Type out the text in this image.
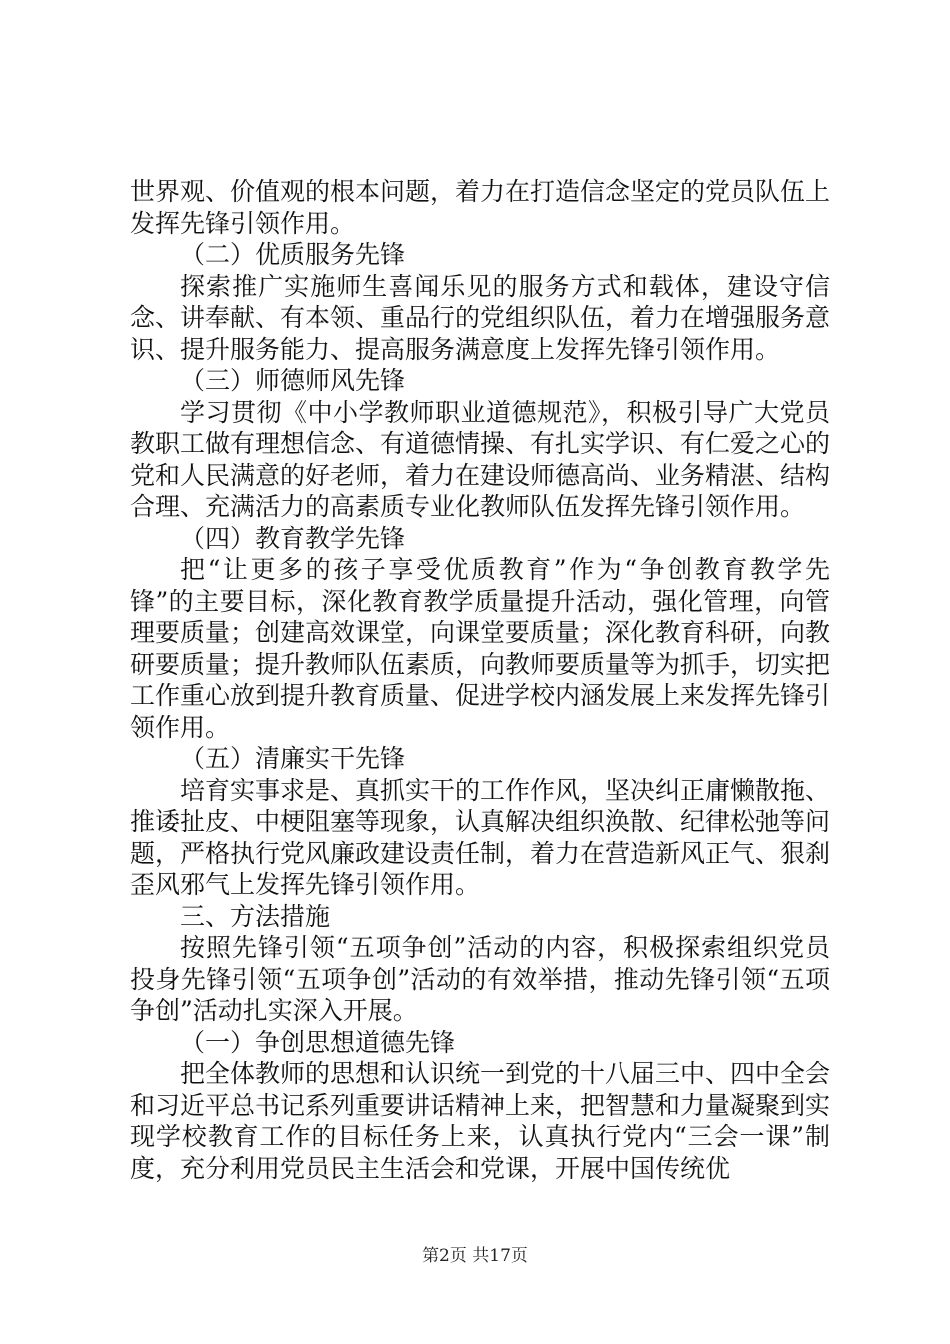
世界观、价值观的根本问题，着力在打造信念坚定的党员队伍上发挥先锋引领作用。

（二）优质服务先锋

探索推广实施师生喜闻乐见的服务方式和载体，建设守信念、讲奉献、有本领、重品行的党组织队伍，着力在增强服务意识、提升服务能力、提高服务满意度上发挥先锋引领作用。

（三）师德师风先锋

学习贯彻《中小学教师职业道德规范》，积极引导广大党员教职工做有理想信念、有道德情操、有扎实学识、有仁爱之心的党和人民满意的好老师，着力在建设师德高尚、业务精湛、结构合理、充满活力的高素质专业化教师队伍发挥先锋引领作用。

（四）教育教学先锋

把“让更多的孩子享受优质教育”作为“争创教育教学先锋”的主要目标，深化教育教学质量提升活动，强化管理，向管理要质量；创建高效课堂，向课堂要质量；深化教育科研，向教研要质量；提升教师队伍素质，向教师要质量等为抓手，切实把工作重心放到提升教育质量、促进学校内涵发展上来发挥先锋引领作用。

（五）清廉实干先锋

培育实事求是、真抓实干的工作作风，坚决纠正庸懒散拖、推诿扯皮、中梗阻塞等现象，认真解决组织涣散、纪律松弛等问题，严格执行党风廉政建设责任制，着力在营造新风正气、狠刹歪风邪气上发挥先锋引领作用。

三、方法措施

按照先锋引领“五项争创”活动的内容，积极探索组织党员投身先锋引领“五项争创”活动的有效举措，推动先锋引领“五项争创”活动扎实深入开展。

（一）争创思想道德先锋

把全体教师的思想和认识统一到党的十八届三中、四中全会和习近平总书记系列重要讲话精神上来，把智慧和力量凝聚到实现学校教育工作的目标任务上来，认真执行党内“三会一课”制度，充分利用党员民主生活会和党课，开展中国传统优

第2页 共17页
